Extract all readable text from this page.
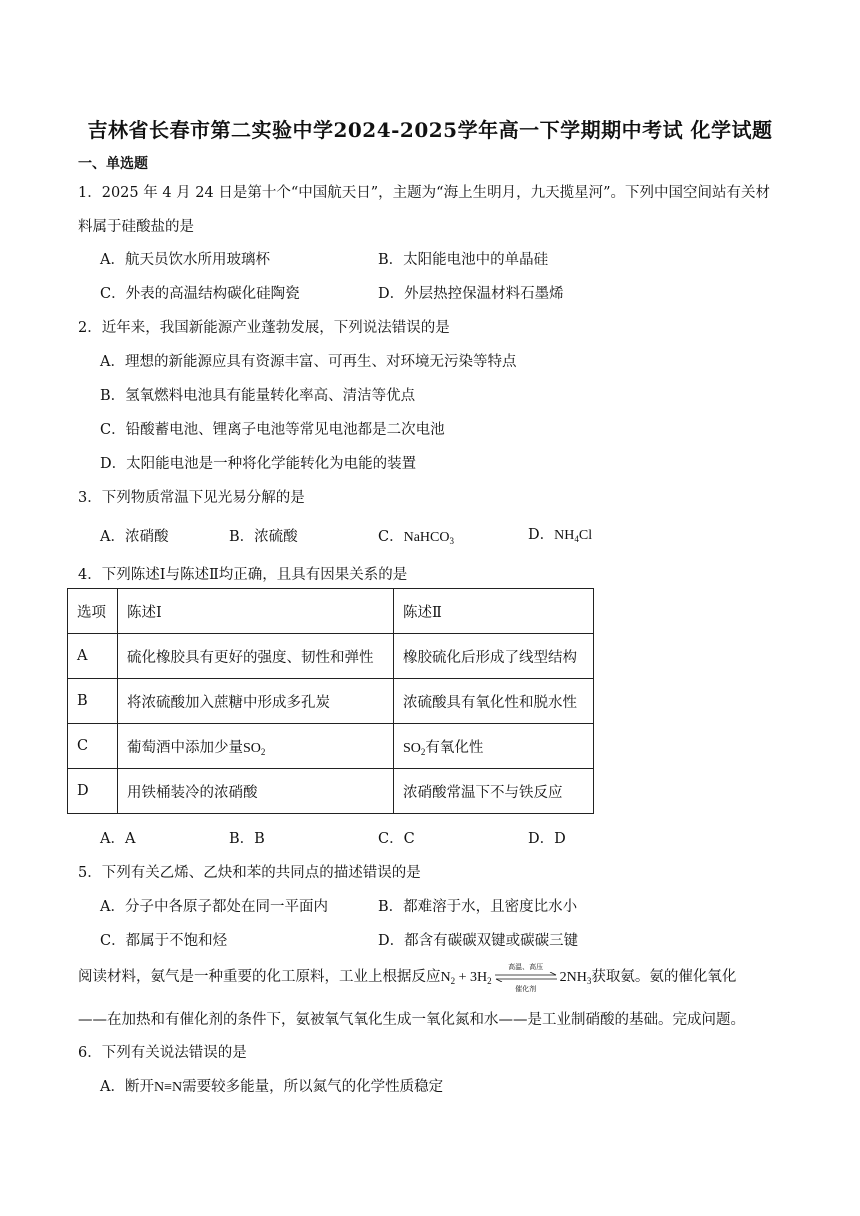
吉林省长春市第二实验中学2024-2025学年高一下学期期中考试 化学试题
一、单选题
1．2025 年 4 月 24 日是第十个“中国航天日”，主题为“海上生明月，九天揽星河”。下列中国空间站有关材
料属于硅酸盐的是
A．航天员饮水所用玻璃杯	B．太阳能电池中的单晶硅
C．外表的高温结构碳化硅陶瓷	D．外层热控保温材料石墨烯
2．近年来，我国新能源产业蓬勃发展，下列说法错误的是
A．理想的新能源应具有资源丰富、可再生、对环境无污染等特点
B．氢氧燃料电池具有能量转化率高、清洁等优点
C．铅酸蓄电池、锂离子电池等常见电池都是二次电池
D．太阳能电池是一种将化学能转化为电能的装置
3．下列物质常温下见光易分解的是
A．浓硝酸	B．浓硫酸	C．NaHCO$_3$	D．$NH_4Cl$
4．下列陈述Ⅰ与陈述Ⅱ均正确，且具有因果关系的是
选项	陈述Ⅰ	陈述Ⅱ
A	硫化橡胶具有更好的强度、韧性和弹性	橡胶硫化后形成了线型结构
B	将浓硫酸加入蔗糖中形成多孔炭	浓硫酸具有氧化性和脱水性
C	葡萄酒中添加少量$SO_2$	$SO_2$有氧化性
D	用铁桶装冷的浓硝酸	浓硝酸常温下不与铁反应
A．A	B．B	C．C	D．D
5．下列有关乙烯、乙炔和苯的共同点的描述错误的是
A．分子中各原子都处在同一平面内	B．都难溶于水，且密度比水小
C．都属于不饱和烃	D．都含有碳碳双键或碳碳三键
阅读材料，氨气是一种重要的化工原料，工业上根据反应$N_2 + 3H_2$
高温、高压
催化剂
$2NH_3$获取氨。氨的催化氧化
——在加热和有催化剂的条件下，氨被氧气氧化生成一氧化氮和水——是工业制硝酸的基础。完成问题。
6．下列有关说法错误的是
A．断开N≡N需要较多能量，所以氮气的化学性质稳定
